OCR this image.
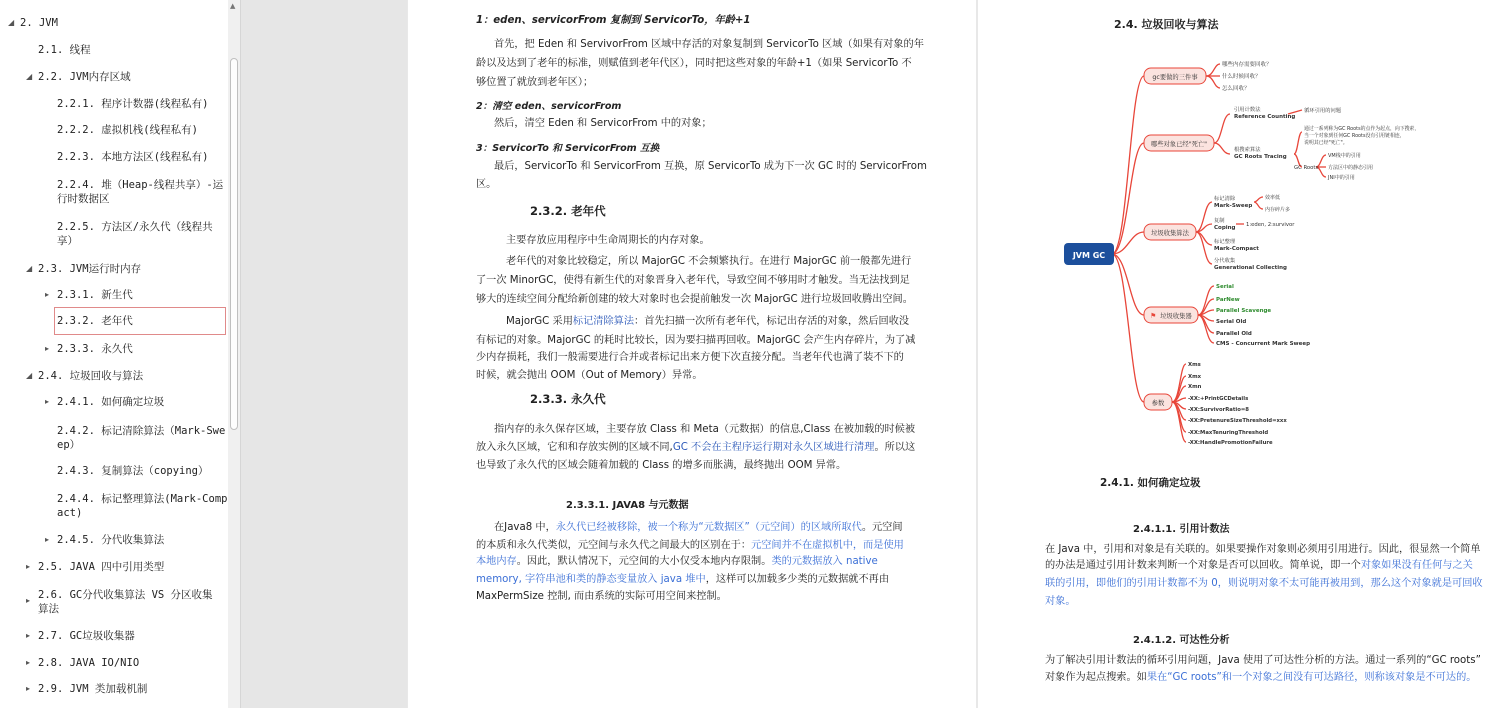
◢ 2. JVM
2.1. 线程
◢ 2.2. JVM内存区域
2.2.1. 程序计数器(线程私有)
2.2.2. 虚拟机栈(线程私有)
2.2.3. 本地方法区(线程私有)
2.2.4. 堆（Heap-线程共享）-运
行时数据区
2.2.5. 方法区/永久代（线程共
享）
◢ 2.3. JVM运行时内存
▸ 2.3.1. 新生代
2.3.2. 老年代
▸ 2.3.3. 永久代
◢ 2.4. 垃圾回收与算法
▸ 2.4.1. 如何确定垃圾
2.4.2. 标记清除算法（Mark-Swe
ep）
2.4.3. 复制算法（copying）
2.4.4. 标记整理算法(Mark-Comp
act)
▸ 2.4.5. 分代收集算法
▸ 2.5. JAVA 四中引用类型
▸ 2.6. GC分代收集算法 VS 分区收集
算法
▸ 2.7. GC垃圾收集器
▸ 2.8. JAVA IO/NIO
▸ 2.9. JVM 类加载机制
▲
1：eden、servicorFrom 复制到 ServicorTo，年龄+1
首先，把 Eden 和 ServivorFrom 区域中存活的对象复制到 ServicorTo 区域（如果有对象的年
龄以及达到了老年的标准，则赋值到老年代区），同时把这些对象的年龄+1（如果 ServicorTo 不
够位置了就放到老年区）；
2：清空 eden、servicorFrom
然后，清空 Eden 和 ServicorFrom 中的对象；
3：ServicorTo 和 ServicorFrom 互换
最后，ServicorTo 和 ServicorFrom 互换，原 ServicorTo 成为下一次 GC 时的 ServicorFrom
区。
2.3.2. 老年代
主要存放应用程序中生命周期长的内存对象。
老年代的对象比较稳定，所以 MajorGC 不会频繁执行。在进行 MajorGC 前一般都先进行
了一次 MinorGC，使得有新生代的对象晋身入老年代，导致空间不够用时才触发。当无法找到足
够大的连续空间分配给新创建的较大对象时也会提前触发一次 MajorGC 进行垃圾回收腾出空间。
MajorGC 采用标记清除算法：首先扫描一次所有老年代，标记出存活的对象，然后回收没
有标记的对象。MajorGC 的耗时比较长，因为要扫描再回收。MajorGC 会产生内存碎片，为了减
少内存损耗，我们一般需要进行合并或者标记出来方便下次直接分配。当老年代也满了装不下的
时候，就会抛出 OOM（Out of Memory）异常。
2.3.3. 永久代
指内存的永久保存区域，主要存放 Class 和 Meta（元数据）的信息,Class 在被加载的时候被
放入永久区域，它和和存放实例的区域不同,GC 不会在主程序运行期对永久区域进行清理。所以这
也导致了永久代的区域会随着加载的 Class 的增多而胀满，最终抛出 OOM 异常。
2.3.3.1. JAVA8 与元数据
在Java8 中，永久代已经被移除，被一个称为“元数据区”（元空间）的区域所取代。元空间
的本质和永久代类似，元空间与永久代之间最大的区别在于：元空间并不在虚拟机中，而是使用
本地内存。因此，默认情况下，元空间的大小仅受本地内存限制。类的元数据放入 native
memory, 字符串池和类的静态变量放入 java 堆中，这样可以加载多少类的元数据就不再由
MaxPermSize 控制, 而由系统的实际可用空间来控制。
2.4. 垃圾回收与算法
JVM GC
gc要做的三件事
哪些内存需要回收？
什么时候回收？
怎么回收？
哪些对象已经"死亡"
引用计数法
Reference Counting
循环引用的问题
根搜索算法
GC Roots Tracing
通过一系列称为GC Roots的点作为起点，向下搜索，
当一个对象到任何GC Roots没有引用链相连，
说明其已经"死亡"。
GC Roots
VM栈中的引用
方法区中的静态引用
JNI中的引用
垃圾收集算法
标记清除
Mark-Sweep
效率低
内存碎片多
复制
Coping 1:eden, 2:survivor
标记整理
Mark-Compact
分代收集
Generational Collecting
⚑ 垃圾收集器
Serial
ParNew
Parallel Scavenge
Serial Old
Parallel Old
CMS - Concurrent Mark Sweep
参数
Xms
Xmx
Xmn
-XX:+PrintGCDetails
-XX:SurvivorRatio=8
-XX:PretenureSizeThreshold=xxx
-XX:MaxTenuringThreshold
-XX:HandlePromotionFailure
2.4.1. 如何确定垃圾
2.4.1.1. 引用计数法
在 Java 中，引用和对象是有关联的。如果要操作对象则必须用引用进行。因此，很显然一个简单
的办法是通过引用计数来判断一个对象是否可以回收。简单说，即一个对象如果没有任何与之关
联的引用，即他们的引用计数都不为 0，则说明对象不太可能再被用到，那么这个对象就是可回收
对象。
2.4.1.2. 可达性分析
为了解决引用计数法的循环引用问题，Java 使用了可达性分析的方法。通过一系列的“GC roots”
对象作为起点搜索。如果在“GC roots”和一个对象之间没有可达路径，则称该对象是不可达的。
